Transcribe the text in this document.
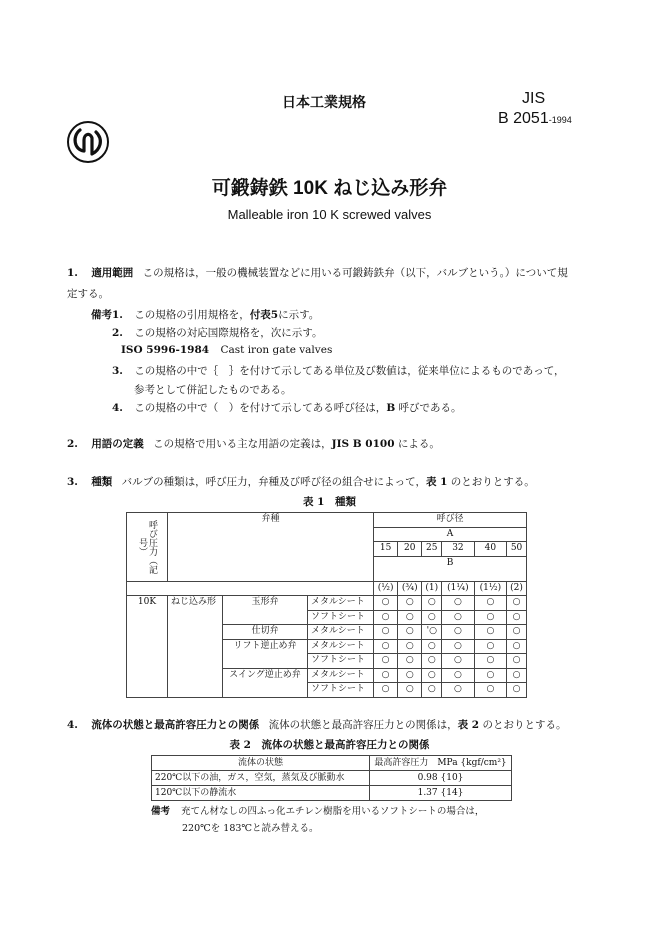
日本工業規格	JIS
B 2051-1994
可鍛鋳鉄 10K ねじ込み形弁
Malleable iron 10 K screwed valves
1. 適用範囲 この規格は，一般の機械装置などに用いる可鍛鋳鉄弁（以下，バルブという。）について規
定する。
備考1. この規格の引用規格を，付表5に示す。
2. この規格の対応国際規格を，次に示す。
ISO 5996-1984 Cast iron gate valves
3. この規格の中で｛　｝を付けて示してある単位及び数値は，従来単位によるものであって，
参考として併記したものである。
4. この規格の中で（　）を付けて示してある呼び径は，B 呼びである。
2. 用語の定義 この規格で用いる主な用語の定義は，JIS B 0100 による。
3. 種類 バルブの種類は，呼び圧力，弁種及び呼び径の組合せによって，表 1 のとおりとする。
表 1　種類
呼び圧力（記号）	弁種			呼び径					
				A					
				15	20	25	32	40	50

				B					

				(½)	(¾)	(1)	(1¼)	(1½)	(2)
10K	ねじ込み形	玉形弁	メタルシート	○	○	○	○	○	○
			ソフトシート	○	○	○	○	○	○
		仕切弁	メタルシート	○	○	'○	○	○	○
		リフト逆止め弁	メタルシート	○	○	○	○	○	○
			ソフトシート	○	○	○	○	○	○
		スイング逆止め弁	メタルシート	○	○	○	○	○	○
			ソフトシート	○	○	○	○	○	○
4. 流体の状態と最高許容圧力との関係 流体の状態と最高許容圧力との関係は，表 2 のとおりとする。
表 2　流体の状態と最高許容圧力との関係
流体の状態	最高許容圧力　MPa {kgf/cm²}
220℃以下の油，ガス，空気，蒸気及び脈動水	0.98 {10}
120℃以下の静流水	1.37 {14}
備考 充てん材なしの四ふっ化エチレン樹脂を用いるソフトシートの場合は，
220℃を 183℃と読み替える。
